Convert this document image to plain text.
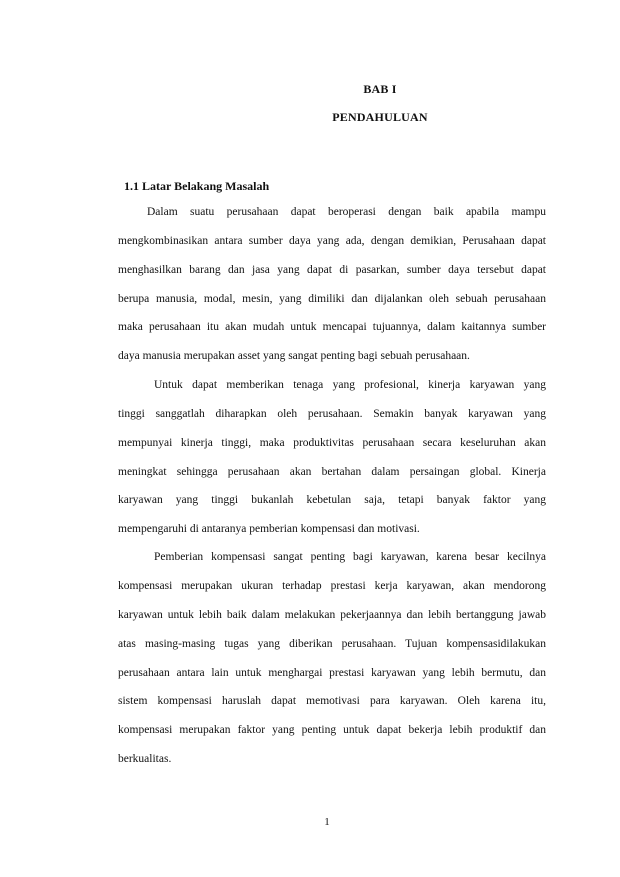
BAB I
PENDAHULUAN
1.1 Latar Belakang Masalah
Dalam suatu perusahaan dapat beroperasi dengan baik apabila mampu
mengkombinasikan antara sumber daya yang ada, dengan demikian, Perusahaan dapat
menghasilkan barang dan jasa yang dapat di pasarkan, sumber daya tersebut dapat
berupa manusia, modal, mesin, yang dimiliki dan dijalankan oleh sebuah perusahaan
maka perusahaan itu akan mudah untuk mencapai tujuannya, dalam kaitannya sumber
daya manusia merupakan asset yang sangat penting bagi sebuah perusahaan.
Untuk dapat memberikan tenaga yang profesional, kinerja karyawan yang
tinggi sanggatlah diharapkan oleh perusahaan. Semakin banyak karyawan yang
mempunyai kinerja tinggi, maka produktivitas perusahaan secara keseluruhan akan
meningkat sehingga perusahaan akan bertahan dalam persaingan global. Kinerja
karyawan yang tinggi bukanlah kebetulan saja, tetapi banyak faktor yang
mempengaruhi di antaranya pemberian kompensasi dan motivasi.
Pemberian kompensasi sangat penting bagi karyawan, karena besar kecilnya
kompensasi merupakan ukuran terhadap prestasi kerja karyawan, akan mendorong
karyawan untuk lebih baik dalam melakukan pekerjaannya dan lebih bertanggung jawab
atas masing-masing tugas yang diberikan perusahaan. Tujuan kompensasidilakukan
perusahaan antara lain untuk menghargai prestasi karyawan yang lebih bermutu, dan
sistem kompensasi haruslah dapat memotivasi para karyawan. Oleh karena itu,
kompensasi merupakan faktor yang penting untuk dapat bekerja lebih produktif dan
berkualitas.
1
